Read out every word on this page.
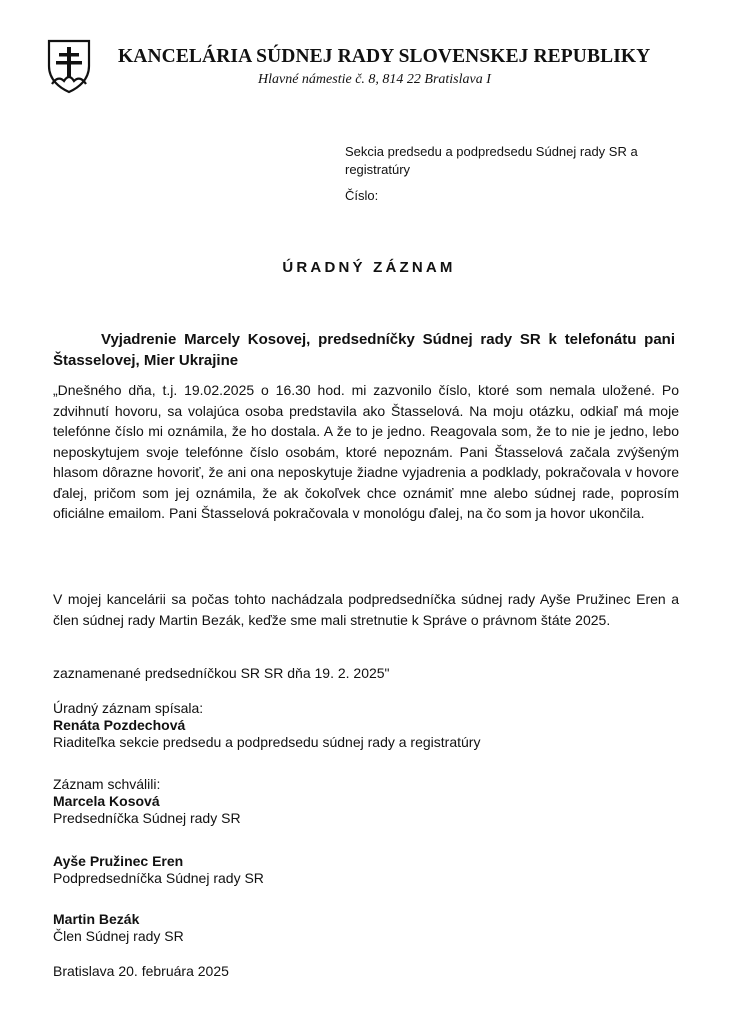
KANCELÁRIA SÚDNEJ RADY SLOVENSKEJ REPUBLIKY
Hlavné námestie č. 8, 814 22 Bratislava I
Sekcia predsedu a podpredsedu Súdnej rady SR a registratúry
Číslo:
ÚRADNÝ ZÁZNAM
Vyjadrenie Marcely Kosovej, predsedníčky Súdnej rady SR k telefonátu pani Štasselovej, Mier Ukrajine
„Dnešného dňa, t.j. 19.02.2025 o 16.30 hod. mi zazvonilo číslo, ktoré som nemala uložené. Po zdvihnutí hovoru, sa volajúca osoba predstavila ako Štasselová. Na moju otázku, odkiaľ má moje telefónne číslo mi oznámila, že ho dostala. A že to je jedno. Reagovala som, že to nie je jedno, lebo neposkytujem svoje telefónne číslo osobám, ktoré nepoznám. Pani Štasselová začala zvýšeným hlasom dôrazne hovoriť, že ani ona neposkytuje žiadne vyjadrenia a podklady, pokračovala v hovore ďalej, pričom som jej oznámila, že ak čokoľvek chce oznámiť mne alebo súdnej rade, poprosím oficiálne emailom. Pani Štasselová pokračovala v monológu ďalej, na čo som ja hovor ukončila.
V mojej kancelárii sa počas tohto nachádzala podpredsedníčka súdnej rady Ayše Pružinec Eren a člen súdnej rady Martin Bezák, keďže sme mali stretnutie k Správe o právnom štáte 2025.
zaznamenané predsedníčkou SR SR dňa 19. 2. 2025"
Úradný záznam spísala:
Renáta Pozdechová
Riaditeľka sekcie predsedu a podpredsedu súdnej rady a registratúry
Záznam schválili:
Marcela Kosová
Predsedníčka Súdnej rady SR
Ayše Pružinec Eren
Podpredsedníčka Súdnej rady SR
Martin Bezák
Člen Súdnej rady SR
Bratislava 20. februára 2025
